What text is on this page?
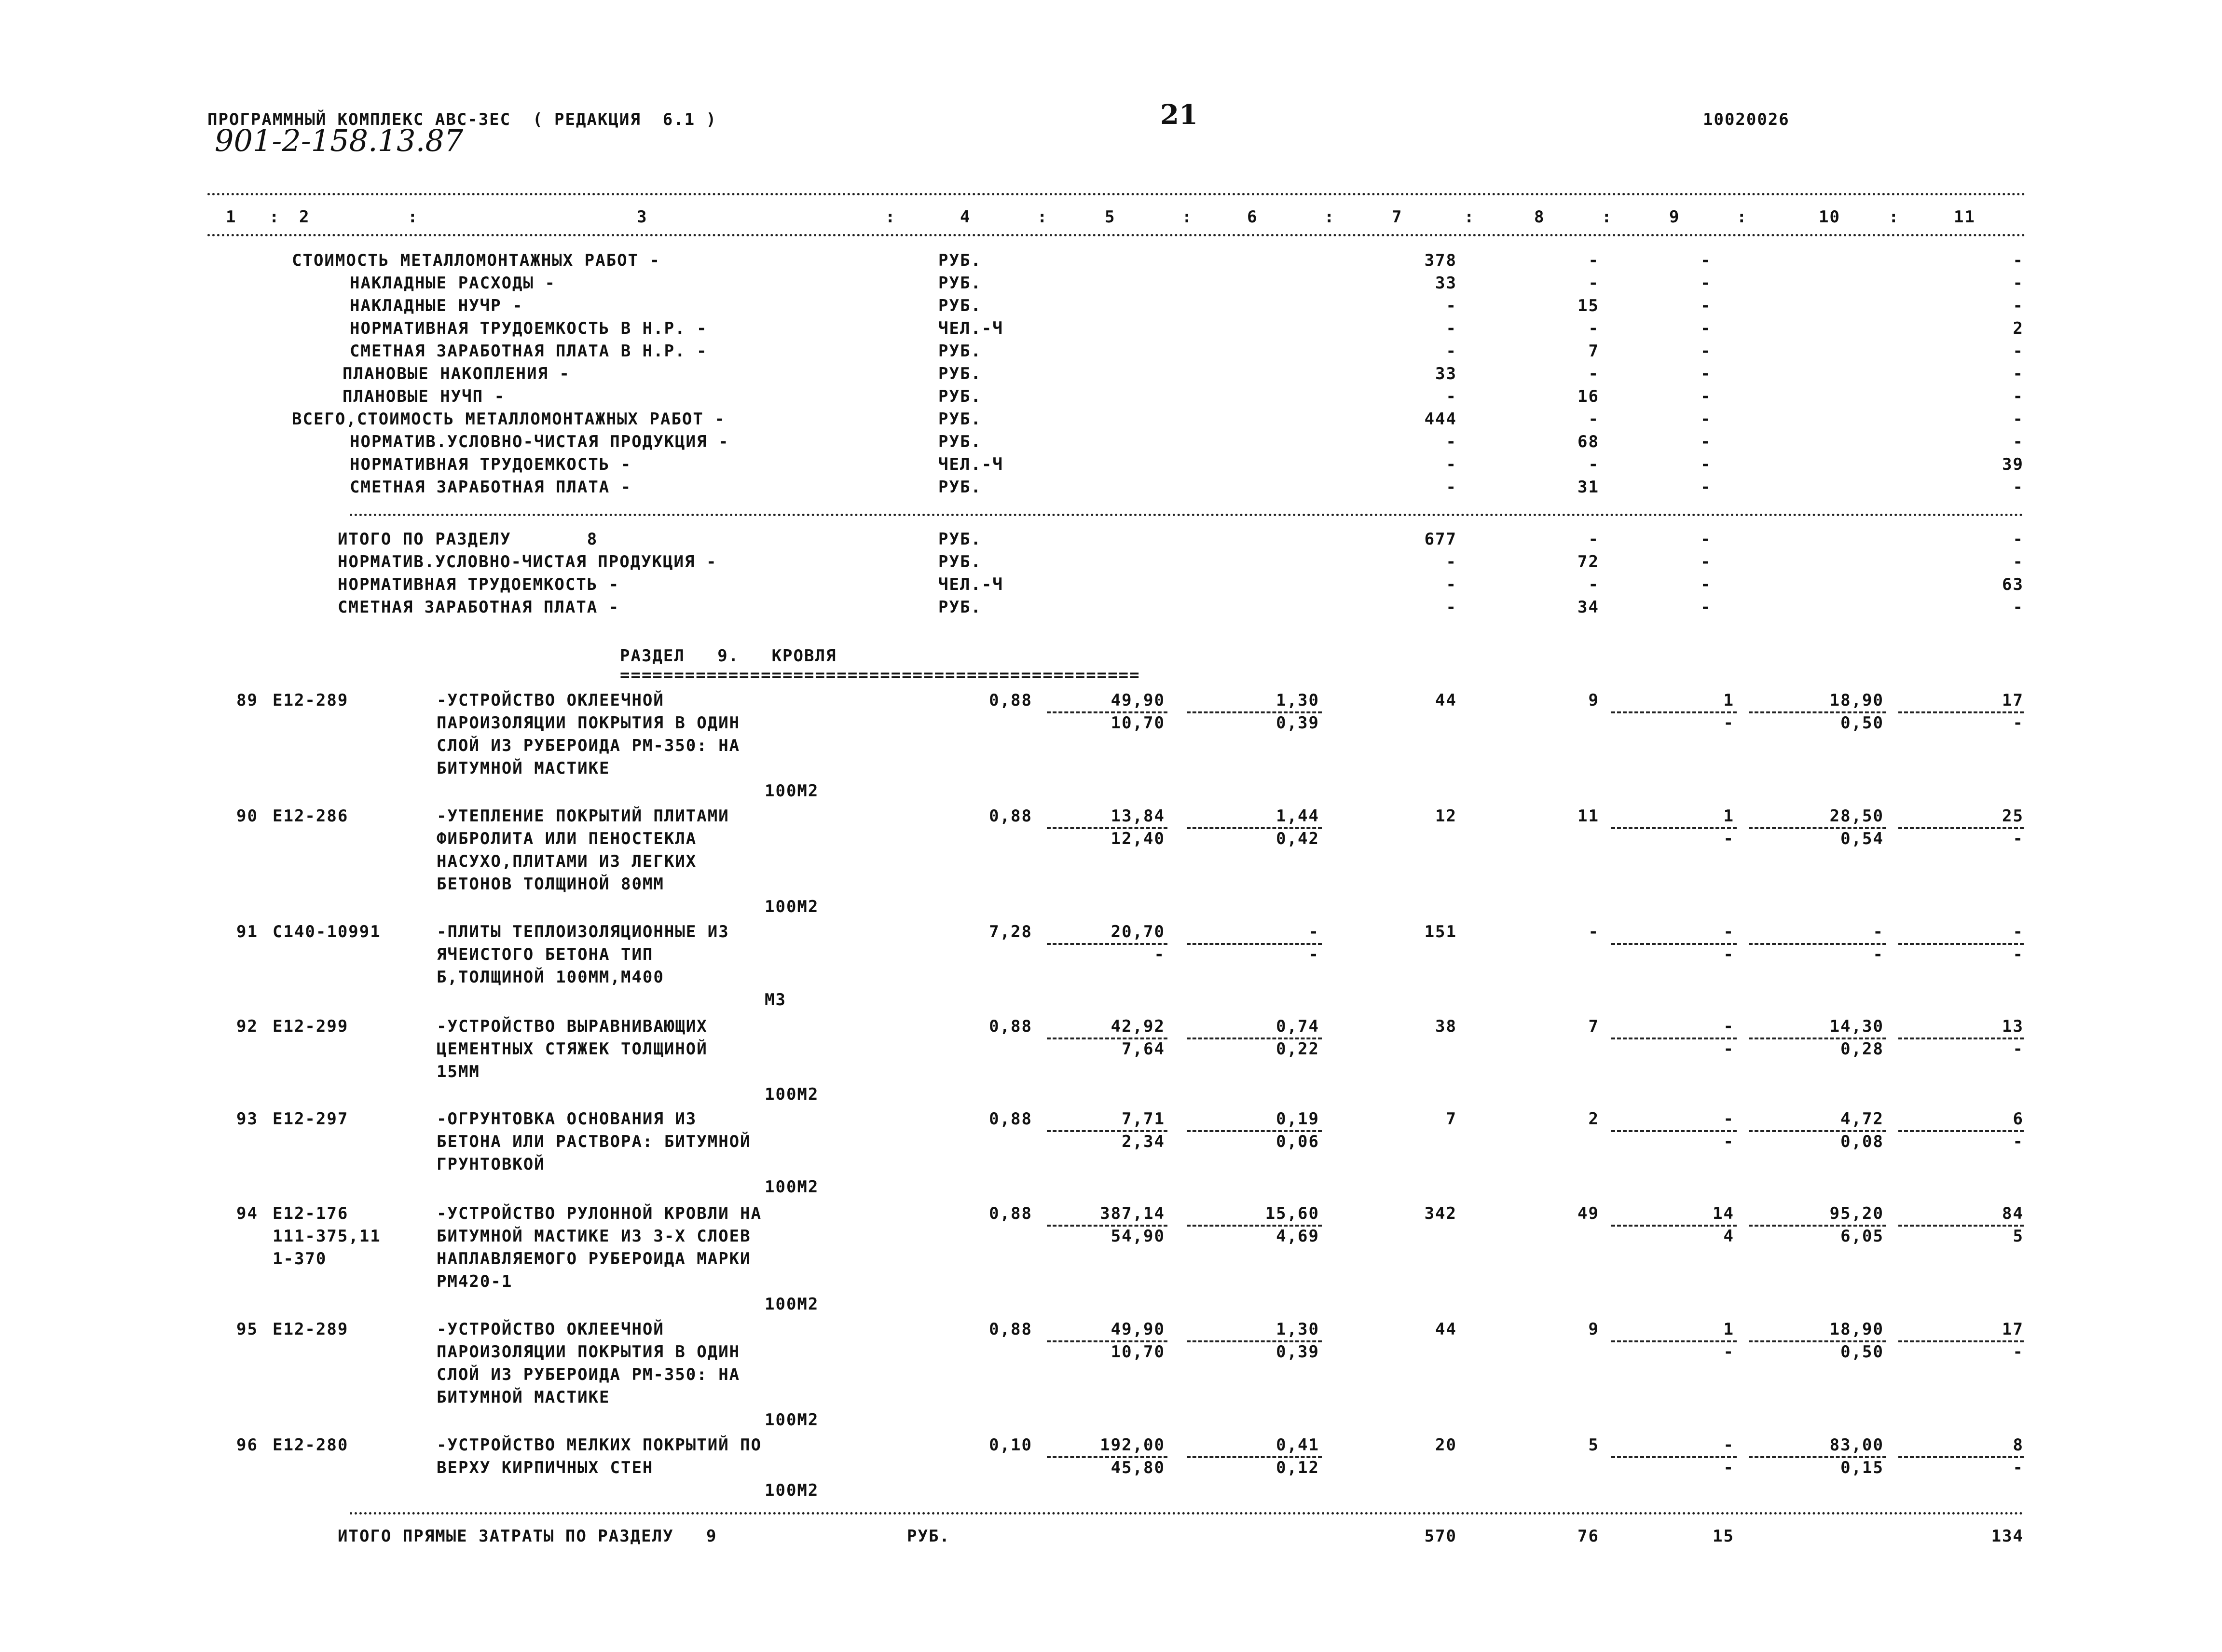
ПРОГРАММНЫЙ КОМПЛЕКС АВС-ЗЕС  ( РЕДАКЦИЯ  6.1 )	21	10020026
901-2-158.13.87
1	2	3	4	5	6	7	8	9	10	11
:	:	:	:	:	:	:	:	:	:
СТОИМОСТЬ МЕТАЛЛОМОНТАЖНЫХ РАБОТ -	РУБ.	378	-	-	-
НАКЛАДНЫЕ РАСХОДЫ -	РУБ.	33	-	-	-
НАКЛАДНЫЕ НУЧР -	РУБ.	-	15	-	-
НОРМАТИВНАЯ ТРУДОЕМКОСТЬ В Н.Р. -	ЧЕЛ.-Ч	-	-	-	2
СМЕТНАЯ ЗАРАБОТНАЯ ПЛАТА В Н.Р. -	РУБ.	-	7	-	-
ПЛАНОВЫЕ НАКОПЛЕНИЯ -	РУБ.	33	-	-	-
ПЛАНОВЫЕ НУЧП -	РУБ.	-	16	-	-
ВСЕГО,СТОИМОСТЬ МЕТАЛЛОМОНТАЖНЫХ РАБОТ -	РУБ.	444	-	-	-
НОРМАТИВ.УСЛОВНО-ЧИСТАЯ ПРОДУКЦИЯ -	РУБ.	-	68	-	-
НОРМАТИВНАЯ ТРУДОЕМКОСТЬ -	ЧЕЛ.-Ч	-	-	-	39
СМЕТНАЯ ЗАРАБОТНАЯ ПЛАТА -	РУБ.	-	31	-	-
ИТОГО ПО РАЗДЕЛУ       8	РУБ.	677	-	-	-
НОРМАТИВ.УСЛОВНО-ЧИСТАЯ ПРОДУКЦИЯ -	РУБ.	-	72	-	-
НОРМАТИВНАЯ ТРУДОЕМКОСТЬ -	ЧЕЛ.-Ч	-	-	-	63
СМЕТНАЯ ЗАРАБОТНАЯ ПЛАТА -	РУБ.	-	34	-	-
РАЗДЕЛ   9.   КРОВЛЯ
================================================
89 Е12-289	-УСТРОЙСТВО ОКЛЕЕЧНОЙ
ПАРОИЗОЛЯЦИИ ПОКРЫТИЯ В ОДИН
СЛОЙ ИЗ РУБЕРОИДА РМ-350: НА
БИТУМНОЙ МАСТИКЕ
100М2
0,88	49,90	1,30	44	9	1	18,90	17
10,70	0,39	-	0,50	-
90 Е12-286	-УТЕПЛЕНИЕ ПОКРЫТИЙ ПЛИТАМИ
ФИБРОЛИТА ИЛИ ПЕНОСТЕКЛА
НАСУХО,ПЛИТАМИ ИЗ ЛЕГКИХ
БЕТОНОВ ТОЛЩИНОЙ 80ММ
100М2
0,88	13,84	1,44	12	11	1	28,50	25
12,40	0,42	-	0,54	-
91 С140-10991	-ПЛИТЫ ТЕПЛОИЗОЛЯЦИОННЫЕ ИЗ
ЯЧЕИСТОГО БЕТОНА ТИП
Б,ТОЛЩИНОЙ 100ММ,М400
М3
7,28	20,70	-	151	-	-	-	-
-	-	-	-	-
92 Е12-299	-УСТРОЙСТВО ВЫРАВНИВАЮЩИХ
ЦЕМЕНТНЫХ СТЯЖЕК ТОЛЩИНОЙ
15ММ
100М2
0,88	42,92	0,74	38	7	-	14,30	13
7,64	0,22	-	0,28	-
93 Е12-297	-ОГРУНТОВКА ОСНОВАНИЯ ИЗ
БЕТОНА ИЛИ РАСТВОРА: БИТУМНОЙ
ГРУНТОВКОЙ
100М2
0,88	7,71	0,19	7	2	-	4,72	6
2,34	0,06	-	0,08	-
94 Е12-176
111-375,11
1-370
-УСТРОЙСТВО РУЛОННОЙ КРОВЛИ НА
БИТУМНОЙ МАСТИКЕ ИЗ 3-Х СЛОЕВ
НАПЛАВЛЯЕМОГО РУБЕРОИДА МАРКИ
РМ420-1
100М2
0,88	387,14	15,60	342	49	14	95,20	84
54,90	4,69	4	6,05	5
95 Е12-289	-УСТРОЙСТВО ОКЛЕЕЧНОЙ
ПАРОИЗОЛЯЦИИ ПОКРЫТИЯ В ОДИН
СЛОЙ ИЗ РУБЕРОИДА РМ-350: НА
БИТУМНОЙ МАСТИКЕ
100М2
0,88	49,90	1,30	44	9	1	18,90	17
10,70	0,39	-	0,50	-
96 Е12-280	-УСТРОЙСТВО МЕЛКИХ ПОКРЫТИЙ ПО
ВЕРХУ КИРПИЧНЫХ СТЕН
100М2
0,10	192,00	0,41	20	5	-	83,00	8
45,80	0,12	-	0,15	-
ИТОГО ПРЯМЫЕ ЗАТРАТЫ ПО РАЗДЕЛУ   9	РУБ.	570	76	15	134
